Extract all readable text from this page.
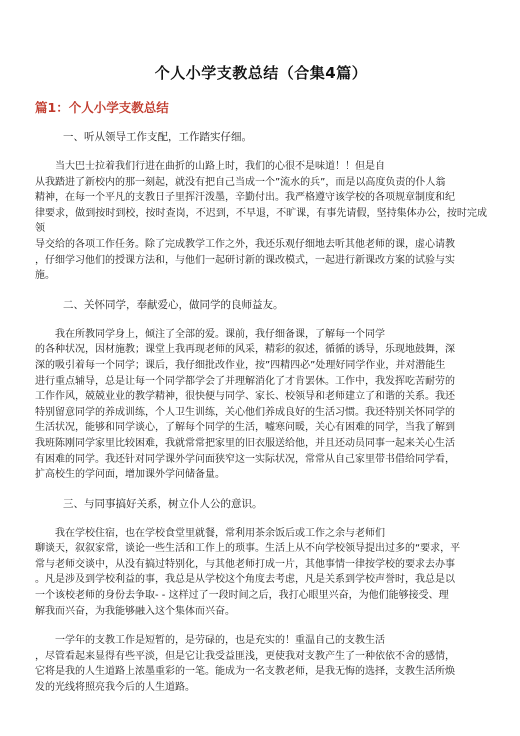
个人小学支教总结（合集4篇）
篇1：个人小学支教总结
一、听从领导工作支配，工作踏实仔细。
当大巴士拉着我们行进在曲折的山路上时，我们的心很不是味道！！但是自
从我踏进了新校内的那一刻起，就没有把自己当成一个”流水的兵”，而是以高度负责的仆人翁
精神，在每一个平凡的支教日子里挥汗泼墨，辛勤付出。我严格遵守该学校的各项规章制度和纪
律要求，做到按时到校，按时查岗，不迟到，不早退，不旷课，有事先请假，坚持集体办公，按时完成领
导交给的各项工作任务。除了完成教学工作之外，我还乐观仔细地去听其他老师的课，虚心请教
，仔细学习他们的授课方法和，与他们一起研讨新的课改模式，一起进行新课改方案的试验与实
施。
二、关怀同学，奉献爱心，做同学的良师益友。
我在所教同学身上，倾注了全部的爱。课前，我仔细备课，了解每一个同学
的各种状况，因材施教；课堂上我再现老师的风采，精彩的叙述，循循的诱导，乐现地鼓舞，深
深的吸引着每一个同学；课后，我仔细批改作业，按”四精四必”处理好同学作业，并对潜能生
进行重点辅导，总是让每一个同学都学会了并理解消化了才肯罢休。工作中，我发挥吃苦耐劳的
工作作风，兢兢业业的教学精神，很快便与同学、家长、校领导和老师建立了和谐的关系。我还
特别留意同学的养成训练，个人卫生训练，关心他们养成良好的生活习惯。我还特别关怀同学的
生活状况，能够和同学谈心，了解每个同学的生活，嘘寒问暖，关心有困难的同学，当我了解到
我班陈刚同学家里比较困难，我就常常把家里的旧衣服送给他，并且还动员同事一起来关心生活
有困难的同学。我还针对同学课外学问面狭窄这一实际状况，常常从自己家里带书借给同学看，
扩高校生的学问面，增加课外学问储备量。
三、与同事搞好关系，树立仆人公的意识。
我在学校住宿，也在学校食堂里就餐，常利用茶余饭后或工作之余与老师们
聊谈天，叙叙家常，谈论一些生活和工作上的琐事。生活上从不向学校领导提出过多的“要求，平
常与老师交谈中，从没有搞过特别化，与其他老师打成一片，其他事情一律按学校的要求去办事
。凡是涉及到学校利益的事，我总是从学校这个角度去考虑，凡是关系到学校声誉时，我总是以
一个该校老师的身份去争取- - 这样过了一段时间之后，我打心眼里兴奋，为他们能够接受、理
解我而兴奋，为我能够融入这个集体而兴奋。
一学年的支教工作是短暂的，是劳碌的，也是充实的！重温自己的支教生活
，尽管看起来显得有些平淡，但是它让我受益匪浅，更使我对支教产生了一种依依不舍的感情，
它将是我的人生道路上浓墨重彩的一笔。能成为一名支教老师，是我无悔的选择，支教生活所焕
发的光线将照亮我今后的人生道路。
